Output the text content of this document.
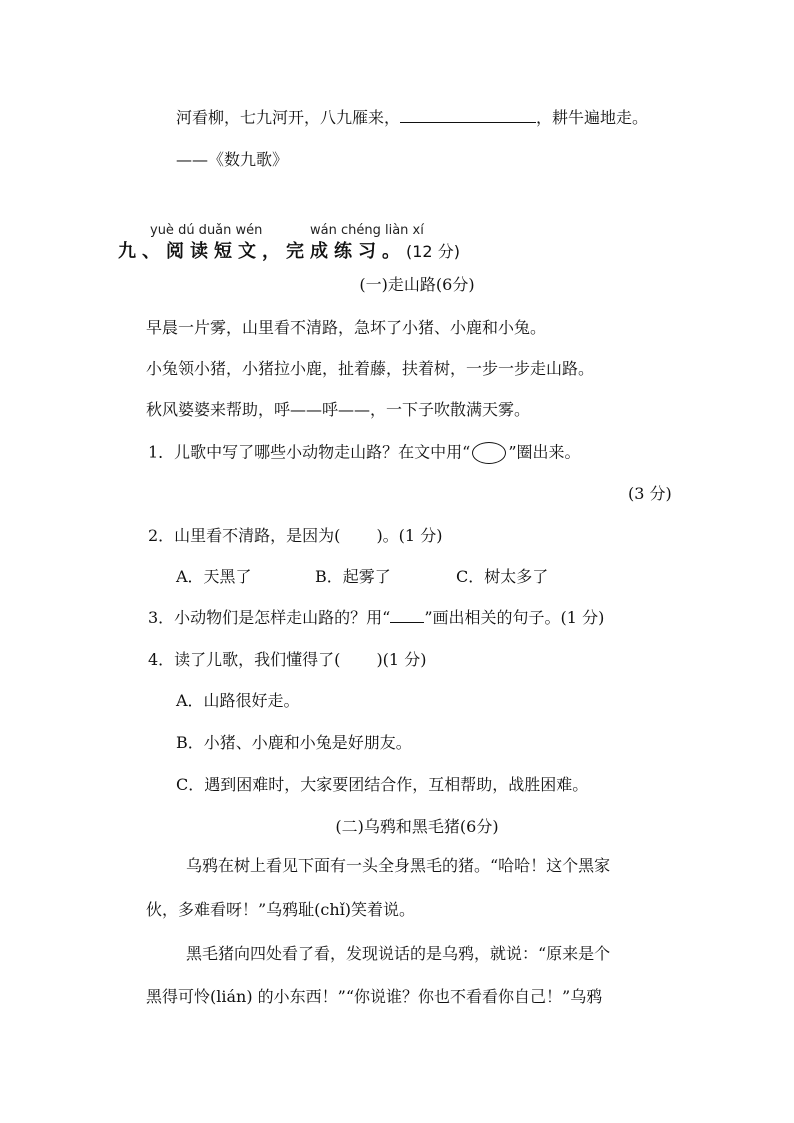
河看柳，七九河开，八九雁来，	，耕牛遍地走。
——《数九歌》
yuè dú duǎn wén	wán chéng liàn xí
九、阅读短文，完成练习。(12 分)
(一)走山路(6分)
早晨一片雾，山里看不清路，急坏了小猪、小鹿和小兔。
小兔领小猪，小猪拉小鹿，扯着藤，扶着树，一步一步走山路。
秋风婆婆来帮助，呼——呼——，一下子吹散满天雾。
1．儿歌中写了哪些小动物走山路？在文中用“ ○ ”圈出来。
(3 分)
2．山里看不清路，是因为( )。(1 分)
A．天黑了	B．起雾了	C．树太多了
3．小动物们是怎样走山路的？用“ ”画出相关的句子。(1 分)
4．读了儿歌，我们懂得了( )(1 分)
A．山路很好走。
B．小猪、小鹿和小兔是好朋友。
C．遇到困难时，大家要团结合作，互相帮助，战胜困难。
(二)乌鸦和黑毛猪(6分)
乌鸦在树上看见下面有一头全身黑毛的猪。“哈哈！这个黑家
伙，多难看呀！”乌鸦耻(chǐ)笑着说。
黑毛猪向四处看了看，发现说话的是乌鸦，就说：“原来是个
黑得可怜(lián) 的小东西！”“你说谁？你也不看看你自己！”乌鸦
